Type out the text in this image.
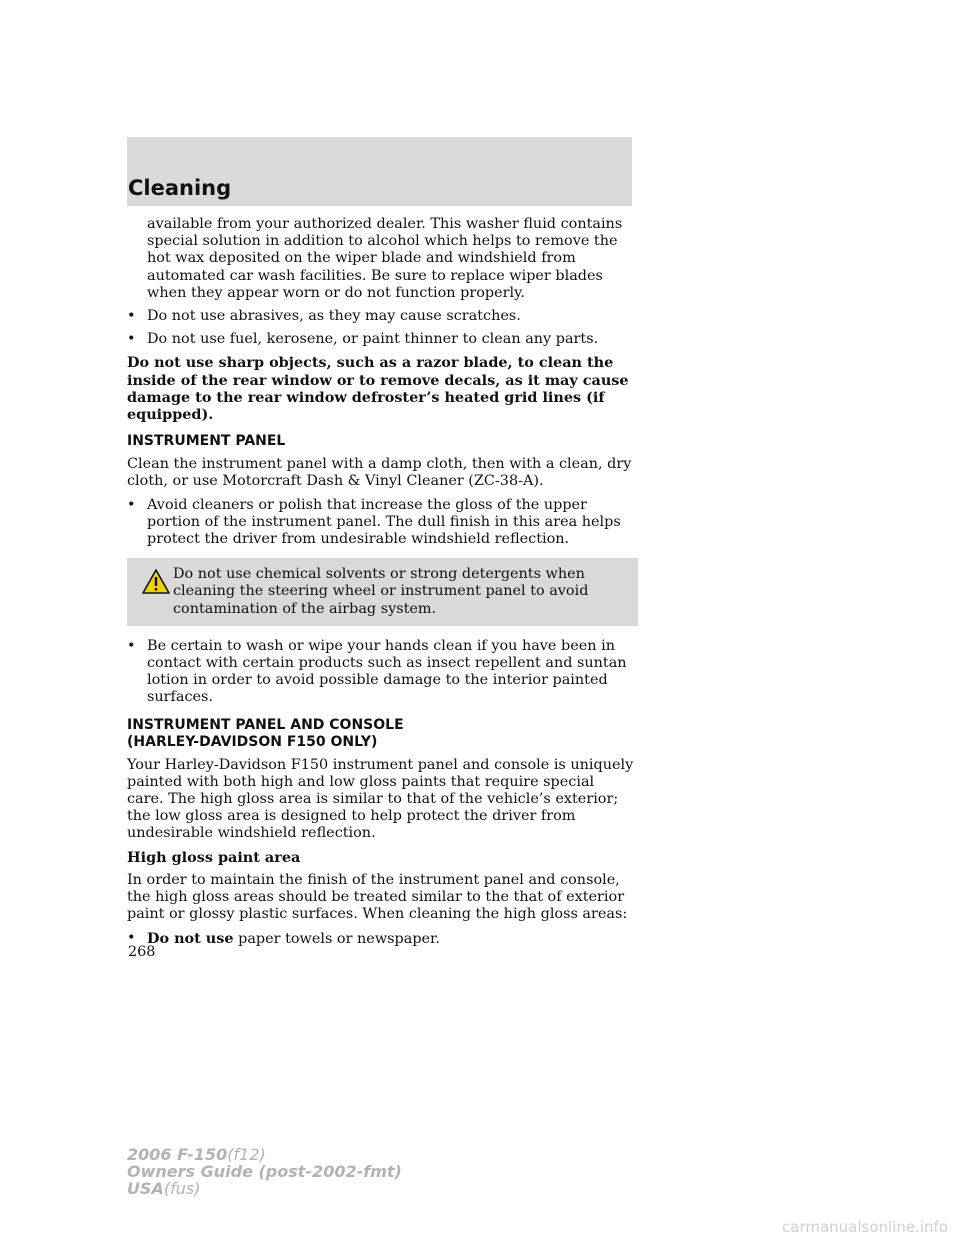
Cleaning

available from your authorized dealer. This washer fluid contains special solution in addition to alcohol which helps to remove the hot wax deposited on the wiper blade and windshield from automated car wash facilities. Be sure to replace wiper blades when they appear worn or do not function properly.

• Do not use abrasives, as they may cause scratches.
• Do not use fuel, kerosene, or paint thinner to clean any parts.

Do not use sharp objects, such as a razor blade, to clean the inside of the rear window or to remove decals, as it may cause damage to the rear window defroster’s heated grid lines (if equipped).

INSTRUMENT PANEL

Clean the instrument panel with a damp cloth, then with a clean, dry cloth, or use Motorcraft Dash & Vinyl Cleaner (ZC-38-A).

• Avoid cleaners or polish that increase the gloss of the upper portion of the instrument panel. The dull finish in this area helps protect the driver from undesirable windshield reflection.
Do not use chemical solvents or strong detergents when cleaning the steering wheel or instrument panel to avoid contamination of the airbag system.
• Be certain to wash or wipe your hands clean if you have been in contact with certain products such as insect repellent and suntan lotion in order to avoid possible damage to the interior painted surfaces.
INSTRUMENT PANEL AND CONSOLE
(HARLEY-DAVIDSON F150 ONLY)

Your Harley-Davidson F150 instrument panel and console is uniquely painted with both high and low gloss paints that require special care. The high gloss area is similar to that of the vehicle’s exterior; the low gloss area is designed to help protect the driver from undesirable windshield reflection.

High gloss paint area

In order to maintain the finish of the instrument panel and console, the high gloss areas should be treated similar to the that of exterior paint or glossy plastic surfaces. When cleaning the high gloss areas:

• Do not use paper towels or newspaper.
268
2006 F-150(f12)
Owners Guide (post-2002-fmt)
USA(fus)
carmanualsonline.info
